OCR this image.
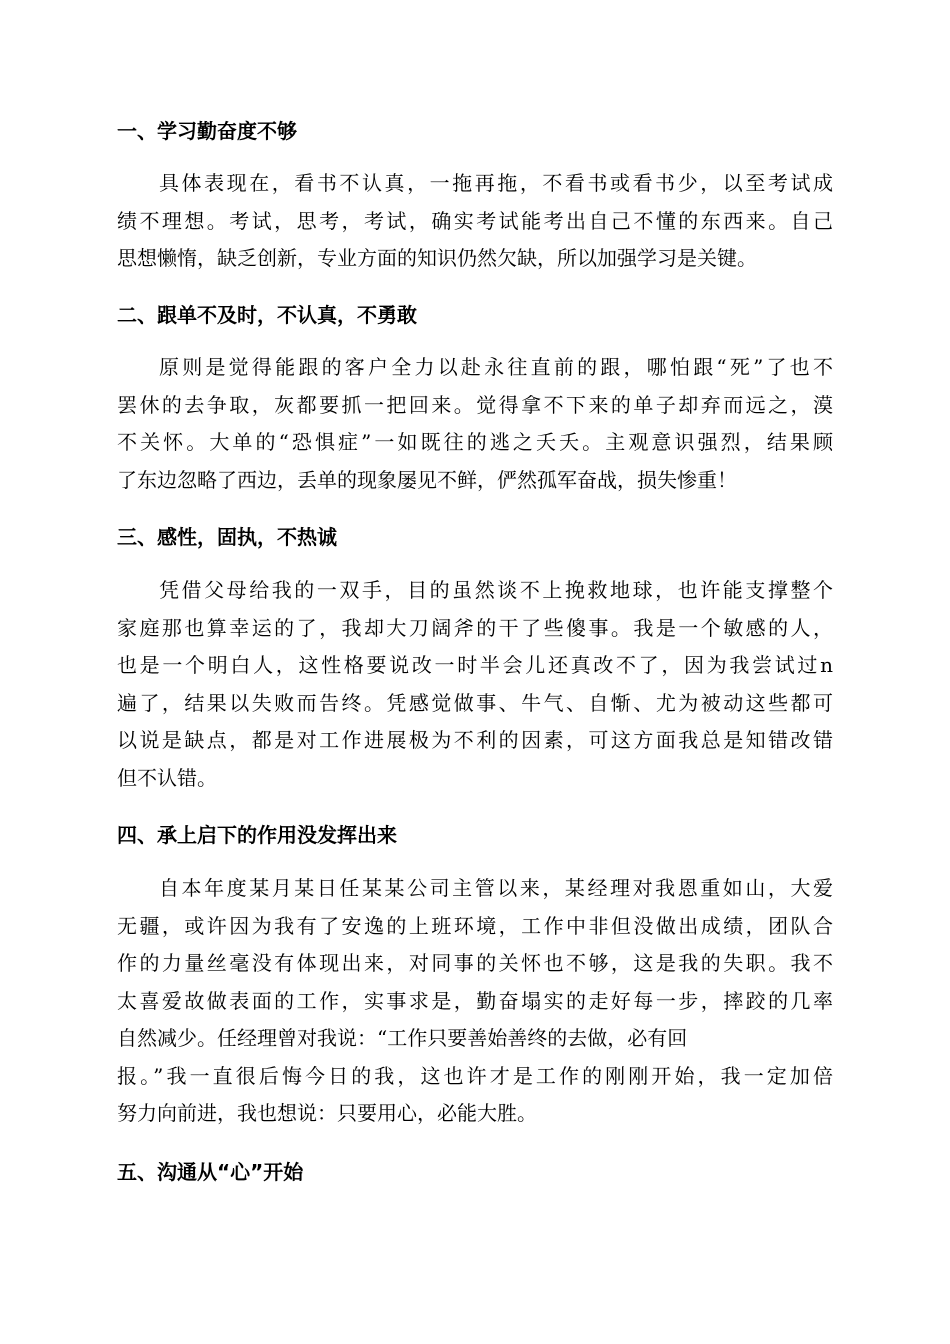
一、学习勤奋度不够
具体表现在，看书不认真，一拖再拖，不看书或看书少，以至考试成
绩不理想。考试，思考，考试，确实考试能考出自己不懂的东西来。自己
思想懒惰，缺乏创新，专业方面的知识仍然欠缺，所以加强学习是关键。
二、跟单不及时，不认真，不勇敢
原则是觉得能跟的客户全力以赴永往直前的跟，哪怕跟“死”了也不
罢休的去争取，灰都要抓一把回来。觉得拿不下来的单子却弃而远之，漠
不关怀。大单的“恐惧症”一如既往的逃之夭夭。主观意识强烈，结果顾
了东边忽略了西边，丢单的现象屡见不鲜，俨然孤军奋战，损失惨重！
三、感性，固执，不热诚
凭借父母给我的一双手，目的虽然谈不上挽救地球，也许能支撑整个
家庭那也算幸运的了，我却大刀阔斧的干了些傻事。我是一个敏感的人，
也是一个明白人，这性格要说改一时半会儿还真改不了，因为我尝试过n
遍了，结果以失败而告终。凭感觉做事、牛气、自惭、尤为被动这些都可
以说是缺点，都是对工作进展极为不利的因素，可这方面我总是知错改错
但不认错。
四、承上启下的作用没发挥出来
自本年度某月某日任某某公司主管以来，某经理对我恩重如山，大爱
无疆，或许因为我有了安逸的上班环境，工作中非但没做出成绩，团队合
作的力量丝毫没有体现出来，对同事的关怀也不够，这是我的失职。我不
太喜爱故做表面的工作，实事求是，勤奋塌实的走好每一步，摔跤的几率
自然减少。任经理曾对我说：“工作只要善始善终的去做，必有回
报。”我一直很后悔今日的我，这也许才是工作的刚刚开始，我一定加倍
努力向前进，我也想说：只要用心，必能大胜。
五、沟通从“心”开始
